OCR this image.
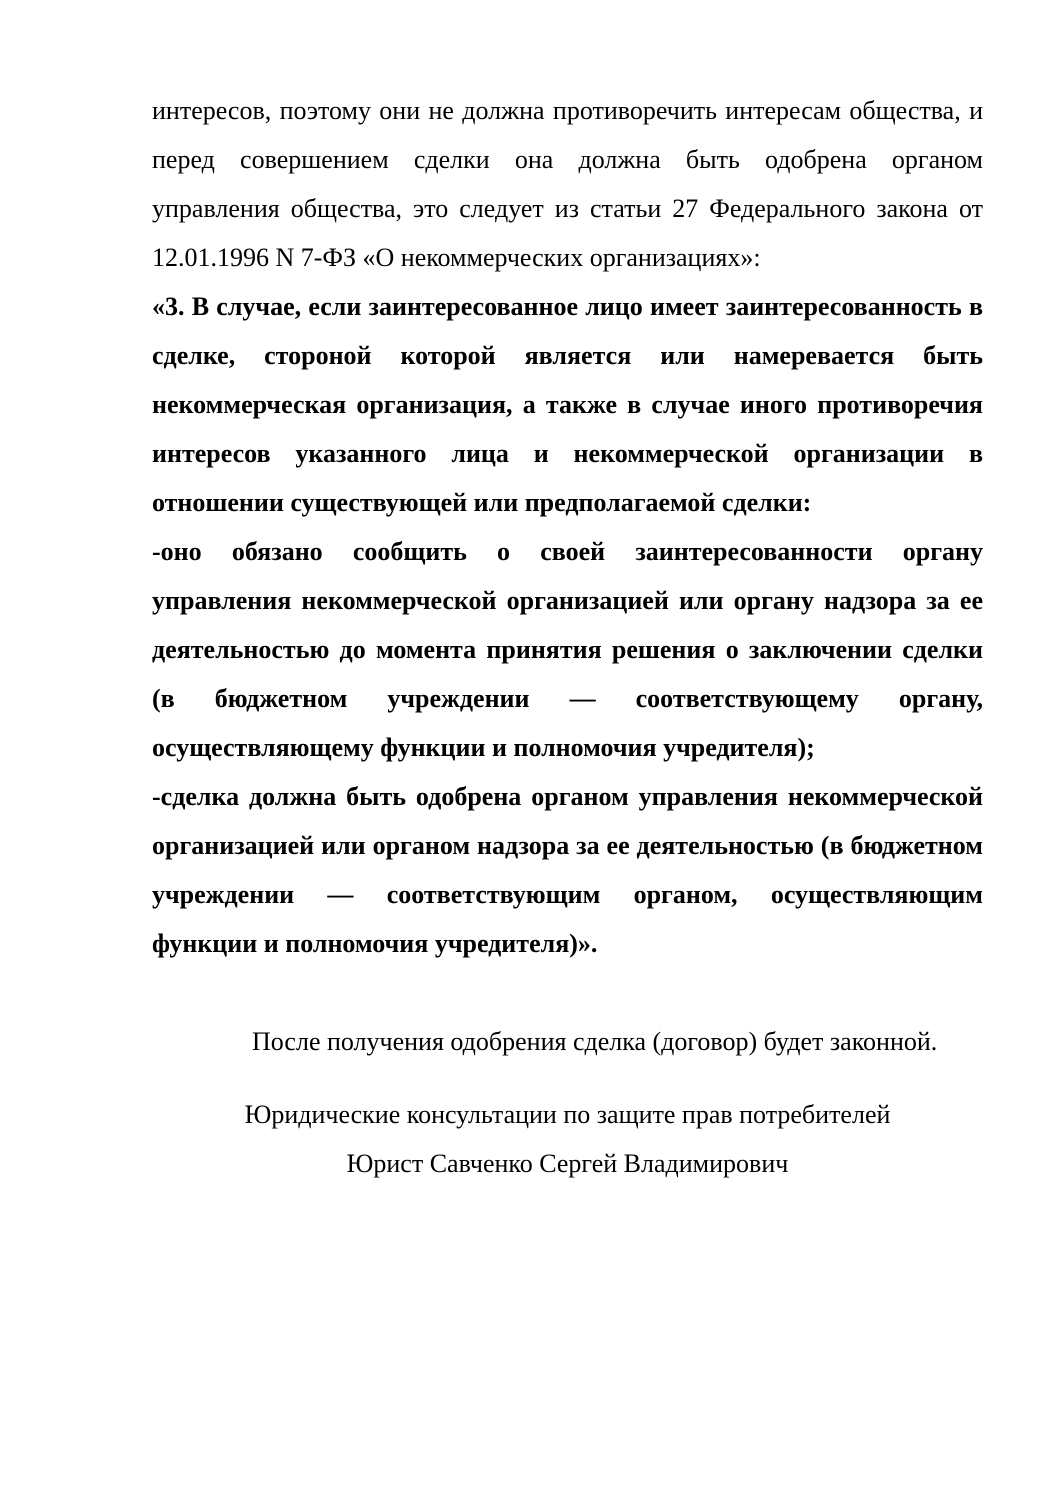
интересов, поэтому они не должна противоречить интересам общества, и перед совершением сделки она должна быть одобрена органом управления общества, это следует из статьи 27 Федерального закона от 12.01.1996 N 7-ФЗ «О некоммерческих организациях»:

«3. В случае, если заинтересованное лицо имеет заинтересованность в сделке, стороной которой является или намеревается быть некоммерческая организация, а также в случае иного противоречия интересов указанного лица и некоммерческой организации в отношении существующей или предполагаемой сделки:

-оно обязано сообщить о своей заинтересованности органу управления некоммерческой организацией или органу надзора за ее деятельностью до момента принятия решения о заключении сделки (в бюджетном учреждении — соответствующему органу, осуществляющему функции и полномочия учредителя);

-сделка должна быть одобрена органом управления некоммерческой организацией или органом надзора за ее деятельностью (в бюджетном учреждении — соответствующим органом, осуществляющим функции и полномочия учредителя)».

После получения одобрения сделка (договор) будет законной.

Юридические консультации по защите прав потребителей

Юрист Савченко Сергей Владимирович
